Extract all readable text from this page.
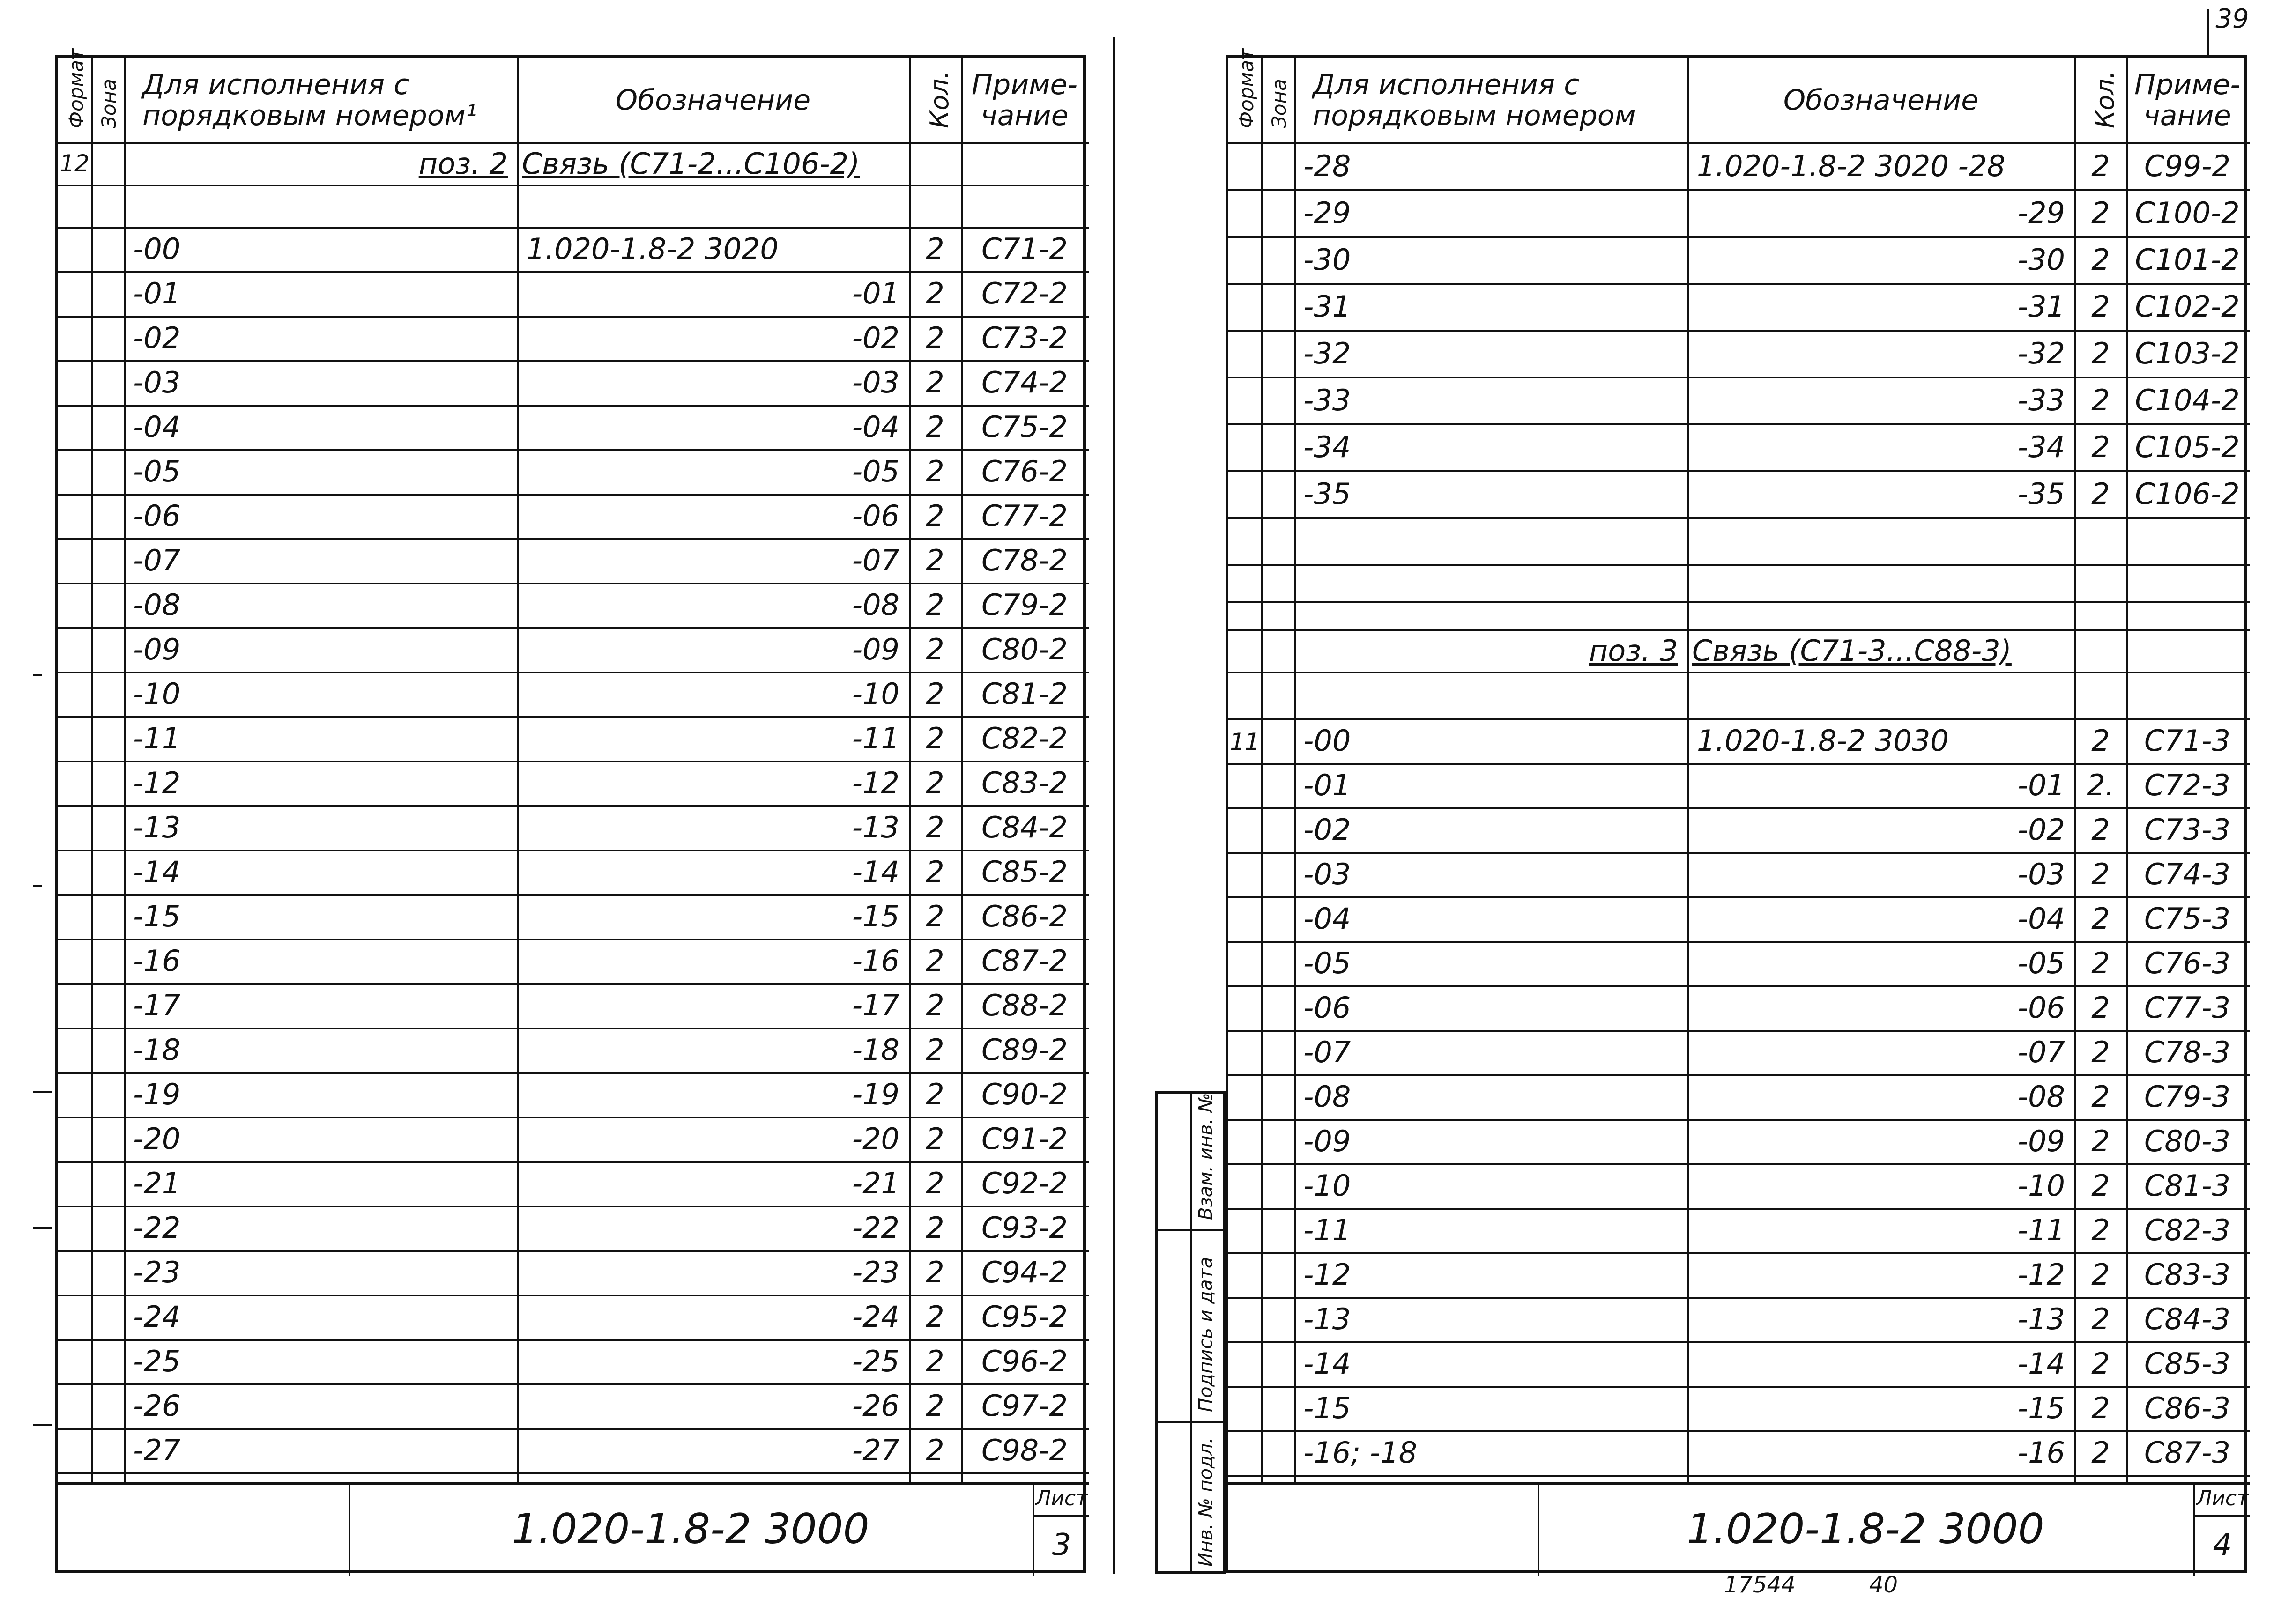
Формат Зона Для исполнения с порядковым номером¹	Обозначение	Кол. Приме-чание
12	поз. 2 Связь (С71-2...С106-2)
-00	1.020-1.8-2 3020	2	С71-2
-01	-01 2	С72-2
-02	-02 2	С73-2
-03	-03 2	С74-2
-04	-04 2	С75-2
-05	-05 2	С76-2
-06	-06 2	С77-2
-07	-07 2	С78-2
-08	-08 2	С79-2
-09	-09 2	С80-2
-10	-10 2	С81-2
-11	-11 2	С82-2
-12	-12 2	С83-2
-13	-13 2	С84-2
-14	-14 2	С85-2
-15	-15 2	С86-2
-16	-16 2	С87-2
-17	-17 2	С88-2
-18	-18 2	С89-2
-19	-19 2	С90-2
-20	-20 2	С91-2
-21	-21 2	С92-2
-22	-22 2	С93-2
-23	-23 2	С94-2
-24	-24 2	С95-2
-25	-25 2	С96-2
-26	-26 2	С97-2
-27	-27 2	С98-2
1.020-1.8-2 3000
Лист
3
Взам. инв. №
Подпись и дата
Инв. № подл.
39
Формат Зона Для исполнения с порядковым номером	Обозначение	Кол. Приме-чание
-28	1.020-1.8-2 3020 -28	2	С99-2
-29	-29 2 С100-2
-30	-30 2 С101-2
-31	-31 2 С102-2
-32	-32 2 С103-2
-33	-33 2 С104-2
-34	-34 2 С105-2
-35	-35 2 С106-2
поз. 3 Связь (С71-3...С88-3)
11 -00	1.020-1.8-2 3030	2	С71-3
-01	-01 2.	С72-3
-02	-02 2	С73-3
-03	-03 2	С74-3
-04	-04 2	С75-3
-05	-05 2	С76-3
-06	-06 2	С77-3
-07	-07 2	С78-3
-08	-08 2	С79-3
-09	-09 2	С80-3
-10	-10 2	С81-3
-11	-11 2	С82-3
-12	-12 2	С83-3
-13	-13 2	С84-3
-14	-14 2	С85-3
-15	-15 2	С86-3
-16; -18	-16 2	С87-3
1.020-1.8-2 3000
Лист
4
17544	40
